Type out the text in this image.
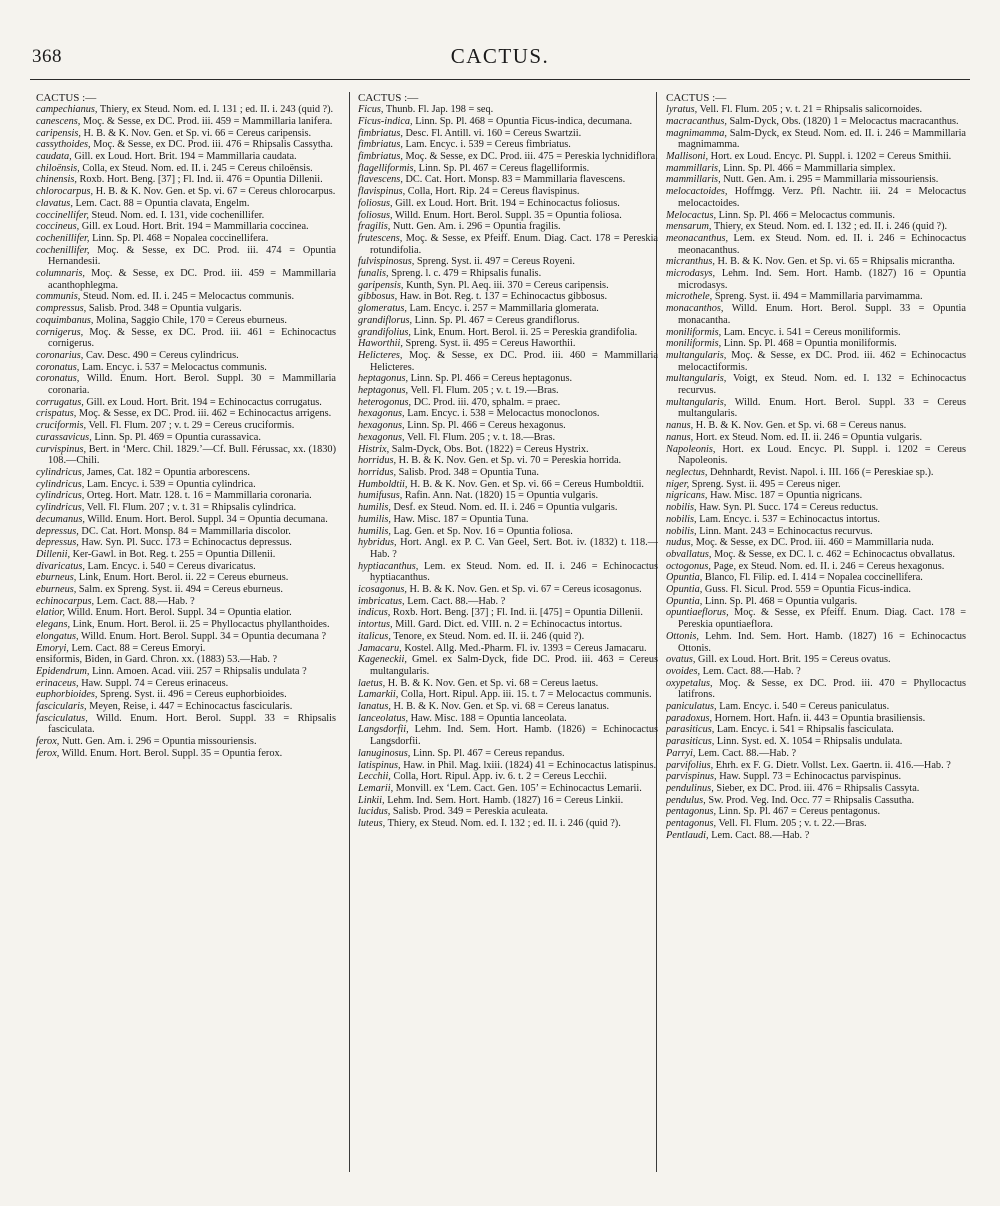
368	CACTUS.
CACTUS :—

campechianus, Thiery, ex Steud. Nom. ed. I. 131 ; ed. II. i. 243 (quid ?).

canescens, Moç. & Sesse, ex DC. Prod. iii. 459 = Mammillaria lanifera.

caripensis, H. B. & K. Nov. Gen. et Sp. vi. 66 = Cereus caripensis.

cassythoides, Moç. & Sesse, ex DC. Prod. iii. 476 = Rhipsalis Cassytha.

caudata, Gill. ex Loud. Hort. Brit. 194 = Mammillaria caudata.

chiloënsis, Colla, ex Steud. Nom. ed. II. i. 245 = Cereus chiloënsis.

chinensis, Roxb. Hort. Beng. [37] ; Fl. Ind. ii. 476 = Opuntia Dillenii.

chlorocarpus, H. B. & K. Nov. Gen. et Sp. vi. 67 = Cereus chlorocarpus.

clavatus, Lem. Cact. 88 = Opuntia clavata, Engelm.

coccinellifer, Steud. Nom. ed. I. 131, vide cochenillifer.

coccineus, Gill. ex Loud. Hort. Brit. 194 = Mammillaria coccinea.

cochenillifer, Linn. Sp. Pl. 468 = Nopalea coccinellifera.

cochenillifer, Moç. & Sesse, ex DC. Prod. iii. 474 = Opuntia Hernandesii.

columnaris, Moç. & Sesse, ex DC. Prod. iii. 459 = Mammillaria acanthophlegma.

communis, Steud. Nom. ed. II. i. 245 = Melocactus communis.

compressus, Salisb. Prod. 348 = Opuntia vulgaris.

coquimbanus, Molina, Saggio Chile, 170 = Cereus eburneus.

cornigerus, Moç. & Sesse, ex DC. Prod. iii. 461 = Echinocactus cornigerus.

coronarius, Cav. Desc. 490 = Cereus cylindricus.

coronatus, Lam. Encyc. i. 537 = Melocactus communis.

coronatus, Willd. Enum. Hort. Berol. Suppl. 30 = Mammillaria coronaria.

corrugatus, Gill. ex Loud. Hort. Brit. 194 = Echinocactus corrugatus.

crispatus, Moç. & Sesse, ex DC. Prod. iii. 462 = Echinocactus arrigens.

cruciformis, Vell. Fl. Flum. 207 ; v. t. 29 = Cereus cruciformis.

curassavicus, Linn. Sp. Pl. 469 = Opuntia curassavica.

curvispinus, Bert. in ‘Merc. Chil. 1829.’—Cf. Bull. Férussac, xx. (1830) 108.—Chili.

cylindricus, James, Cat. 182 = Opuntia arborescens.

cylindricus, Lam. Encyc. i. 539 = Opuntia cylindrica.

cylindricus, Orteg. Hort. Matr. 128. t. 16 = Mammillaria coronaria.

cylindricus, Vell. Fl. Flum. 207 ; v. t. 31 = Rhipsalis cylindrica.

decumanus, Willd. Enum. Hort. Berol. Suppl. 34 = Opuntia decumana.

depressus, DC. Cat. Hort. Monsp. 84 = Mammillaria discolor.

depressus, Haw. Syn. Pl. Succ. 173 = Echinocactus depressus.

Dillenii, Ker-Gawl. in Bot. Reg. t. 255 = Opuntia Dillenii.

divaricatus, Lam. Encyc. i. 540 = Cereus divaricatus.

eburneus, Link, Enum. Hort. Berol. ii. 22 = Cereus eburneus.

eburneus, Salm. ex Spreng. Syst. ii. 494 = Cereus eburneus.

echinocarpus, Lem. Cact. 88.—Hab. ?

elatior, Willd. Enum. Hort. Berol. Suppl. 34 = Opuntia elatior.

elegans, Link, Enum. Hort. Berol. ii. 25 = Phyllocactus phyllanthoides.

elongatus, Willd. Enum. Hort. Berol. Suppl. 34 = Opuntia decumana ?

Emoryi, Lem. Cact. 88 = Cereus Emoryi.

ensiformis, Biden, in Gard. Chron. xx. (1883) 53.—Hab. ?

Epidendrum, Linn. Amoen. Acad. viii. 257 = Rhipsalis undulata ?

erinaceus, Haw. Suppl. 74 = Cereus erinaceus.

euphorbioides, Spreng. Syst. ii. 496 = Cereus euphorbioides.

fascicularis, Meyen, Reise, i. 447 = Echinocactus fascicularis.

fasciculatus, Willd. Enum. Hort. Berol. Suppl. 33 = Rhipsalis fasciculata.

ferox, Nutt. Gen. Am. i. 296 = Opuntia missouriensis.

ferox, Willd. Enum. Hort. Berol. Suppl. 35 = Opuntia ferox.

CACTUS :—

Ficus, Thunb. Fl. Jap. 198 = seq.

Ficus-indica, Linn. Sp. Pl. 468 = Opuntia Ficus-indica, decumana.

fimbriatus, Desc. Fl. Antill. vi. 160 = Cereus Swartzii.

fimbriatus, Lam. Encyc. i. 539 = Cereus fimbriatus.

fimbriatus, Moç. & Sesse, ex DC. Prod. iii. 475 = Pereskia lychnidiflora.

flagelliformis, Linn. Sp. Pl. 467 = Cereus flagelliformis.

flavescens, DC. Cat. Hort. Monsp. 83 = Mammillaria flavescens.

flavispinus, Colla, Hort. Rip. 24 = Cereus flavispinus.

foliosus, Gill. ex Loud. Hort. Brit. 194 = Echinocactus foliosus.

foliosus, Willd. Enum. Hort. Berol. Suppl. 35 = Opuntia foliosa.

fragilis, Nutt. Gen. Am. i. 296 = Opuntia fragilis.

frutescens, Moç. & Sesse, ex Pfeiff. Enum. Diag. Cact. 178 = Pereskia rotundifolia.

fulvispinosus, Spreng. Syst. ii. 497 = Cereus Royeni.

funalis, Spreng. l. c. 479 = Rhipsalis funalis.

garipensis, Kunth, Syn. Pl. Aeq. iii. 370 = Cereus caripensis.

gibbosus, Haw. in Bot. Reg. t. 137 = Echinocactus gibbosus.

glomeratus, Lam. Encyc. i. 257 = Mammillaria glomerata.

grandiflorus, Linn. Sp. Pl. 467 = Cereus grandiflorus.

grandifolius, Link, Enum. Hort. Berol. ii. 25 = Pereskia grandifolia.

Haworthii, Spreng. Syst. ii. 495 = Cereus Haworthii.

Helicteres, Moç. & Sesse, ex DC. Prod. iii. 460 = Mammillaria Helicteres.

heptagonus, Linn. Sp. Pl. 466 = Cereus heptagonus.

heptagonus, Vell. Fl. Flum. 205 ; v. t. 19.—Bras.

heterogonus, DC. Prod. iii. 470, sphalm. = praec.

hexagonus, Lam. Encyc. i. 538 = Melocactus monoclonos.

hexagonus, Linn. Sp. Pl. 466 = Cereus hexagonus.

hexagonus, Vell. Fl. Flum. 205 ; v. t. 18.—Bras.

Histrix, Salm-Dyck, Obs. Bot. (1822) = Cereus Hystrix.

horridus, H. B. & K. Nov. Gen. et Sp. vi. 70 = Pereskia horrida.

horridus, Salisb. Prod. 348 = Opuntia Tuna.

Humboldtii, H. B. & K. Nov. Gen. et Sp. vi. 66 = Cereus Humboldtii.

humifusus, Rafin. Ann. Nat. (1820) 15 = Opuntia vulgaris.

humilis, Desf. ex Steud. Nom. ed. II. i. 246 = Opuntia vulgaris.

humilis, Haw. Misc. 187 = Opuntia Tuna.

humilis, Lag. Gen. et Sp. Nov. 16 = Opuntia foliosa.

hybridus, Hort. Angl. ex P. C. Van Geel, Sert. Bot. iv. (1832) t. 118.—Hab. ?

hyptiacanthus, Lem. ex Steud. Nom. ed. II. i. 246 = Echinocactus hyptiacanthus.

icosagonus, H. B. & K. Nov. Gen. et Sp. vi. 67 = Cereus icosagonus.

imbricatus, Lem. Cact. 88.—Hab. ?

indicus, Roxb. Hort. Beng. [37] ; Fl. Ind. ii. [475] = Opuntia Dillenii.

intortus, Mill. Gard. Dict. ed. VIII. n. 2 = Echinocactus intortus.

italicus, Tenore, ex Steud. Nom. ed. II. ii. 246 (quid ?).

Jamacaru, Kostel. Allg. Med.-Pharm. Fl. iv. 1393 = Cereus Jamacaru.

Kageneckii, Gmel. ex Salm-Dyck, fide DC. Prod. iii. 463 = Cereus multangularis.

laetus, H. B. & K. Nov. Gen. et Sp. vi. 68 = Cereus laetus.

Lamarkii, Colla, Hort. Ripul. App. iii. 15. t. 7 = Melocactus communis.

lanatus, H. B. & K. Nov. Gen. et Sp. vi. 68 = Cereus lanatus.

lanceolatus, Haw. Misc. 188 = Opuntia lanceolata.

Langsdorfii, Lehm. Ind. Sem. Hort. Hamb. (1826) = Echinocactus Langsdorfii.

lanuginosus, Linn. Sp. Pl. 467 = Cereus repandus.

latispinus, Haw. in Phil. Mag. lxiii. (1824) 41 = Echinocactus latispinus.

Lecchii, Colla, Hort. Ripul. App. iv. 6. t. 2 = Cereus Lecchii.

Lemarii, Monvill. ex ‘Lem. Cact. Gen. 105’ = Echinocactus Lemarii.

Linkii, Lehm. Ind. Sem. Hort. Hamb. (1827) 16 = Cereus Linkii.

lucidus, Salisb. Prod. 349 = Pereskia aculeata.

luteus, Thiery, ex Steud. Nom. ed. I. 132 ; ed. II. i. 246 (quid ?).

CACTUS :—

lyratus, Vell. Fl. Flum. 205 ; v. t. 21 = Rhipsalis salicornoides.

macracanthus, Salm-Dyck, Obs. (1820) 1 = Melocactus macracanthus.

magnimamma, Salm-Dyck, ex Steud. Nom. ed. II. i. 246 = Mammillaria magnimamma.

Mallisoni, Hort. ex Loud. Encyc. Pl. Suppl. i. 1202 = Cereus Smithii.

mammillaris, Linn. Sp. Pl. 466 = Mammillaria simplex.

mammillaris, Nutt. Gen. Am. i. 295 = Mammillaria missouriensis.

melocactoides, Hoffmgg. Verz. Pfl. Nachtr. iii. 24 = Melocactus melocactoides.

Melocactus, Linn. Sp. Pl. 466 = Melocactus communis.

mensarum, Thiery, ex Steud. Nom. ed. I. 132 ; ed. II. i. 246 (quid ?).

meonacanthus, Lem. ex Steud. Nom. ed. II. i. 246 = Echinocactus meonacanthus.

micranthus, H. B. & K. Nov. Gen. et Sp. vi. 65 = Rhipsalis micrantha.

microdasys, Lehm. Ind. Sem. Hort. Hamb. (1827) 16 = Opuntia microdasys.

microthele, Spreng. Syst. ii. 494 = Mammillaria parvimamma.

monacanthos, Willd. Enum. Hort. Berol. Suppl. 33 = Opuntia monacantha.

moniliformis, Lam. Encyc. i. 541 = Cereus moniliformis.

moniliformis, Linn. Sp. Pl. 468 = Opuntia moniliformis.

multangularis, Moç. & Sesse, ex DC. Prod. iii. 462 = Echinocactus melocactiformis.

multangularis, Voigt, ex Steud. Nom. ed. I. 132 = Echinocactus recurvus.

multangularis, Willd. Enum. Hort. Berol. Suppl. 33 = Cereus multangularis.

nanus, H. B. & K. Nov. Gen. et Sp. vi. 68 = Cereus nanus.

nanus, Hort. ex Steud. Nom. ed. II. ii. 246 = Opuntia vulgaris.

Napoleonis, Hort. ex Loud. Encyc. Pl. Suppl. i. 1202 = Cereus Napoleonis.

neglectus, Dehnhardt, Revist. Napol. i. III. 166 (= Pereskiae sp.).

niger, Spreng. Syst. ii. 495 = Cereus niger.

nigricans, Haw. Misc. 187 = Opuntia nigricans.

nobilis, Haw. Syn. Pl. Succ. 174 = Cereus reductus.

nobilis, Lam. Encyc. i. 537 = Echinocactus intortus.

nobilis, Linn. Mant. 243 = Echinocactus recurvus.

nudus, Moç. & Sesse, ex DC. Prod. iii. 460 = Mammillaria nuda.

obvallatus, Moç. & Sesse, ex DC. l. c. 462 = Echinocactus obvallatus.

octogonus, Page, ex Steud. Nom. ed. II. i. 246 = Cereus hexagonus.

Opuntia, Blanco, Fl. Filip. ed. I. 414 = Nopalea coccinellifera.

Opuntia, Guss. Fl. Sicul. Prod. 559 = Opuntia Ficus-indica.

Opuntia, Linn. Sp. Pl. 468 = Opuntia vulgaris.

opuntiaeflorus, Moç. & Sesse, ex Pfeiff. Enum. Diag. Cact. 178 = Pereskia opuntiaeflora.

Ottonis, Lehm. Ind. Sem. Hort. Hamb. (1827) 16 = Echinocactus Ottonis.

ovatus, Gill. ex Loud. Hort. Brit. 195 = Cereus ovatus.

ovoides, Lem. Cact. 88.—Hab. ?

oxypetalus, Moç. & Sesse, ex DC. Prod. iii. 470 = Phyllocactus latifrons.

paniculatus, Lam. Encyc. i. 540 = Cereus paniculatus.

paradoxus, Hornem. Hort. Hafn. ii. 443 = Opuntia brasiliensis.

parasiticus, Lam. Encyc. i. 541 = Rhipsalis fasciculata.

parasiticus, Linn. Syst. ed. X. 1054 = Rhipsalis undulata.

Parryi, Lem. Cact. 88.—Hab. ?

parvifolius, Ehrh. ex F. G. Dietr. Vollst. Lex. Gaertn. ii. 416.—Hab. ?

parvispinus, Haw. Suppl. 73 = Echinocactus parvispinus.

pendulinus, Sieber, ex DC. Prod. iii. 476 = Rhipsalis Cassyta.

pendulus, Sw. Prod. Veg. Ind. Occ. 77 = Rhipsalis Cassutha.

pentagonus, Linn. Sp. Pl. 467 = Cereus pentagonus.

pentagonus, Vell. Fl. Flum. 205 ; v. t. 22.—Bras.

Pentlaudi, Lem. Cact. 88.—Hab. ?
